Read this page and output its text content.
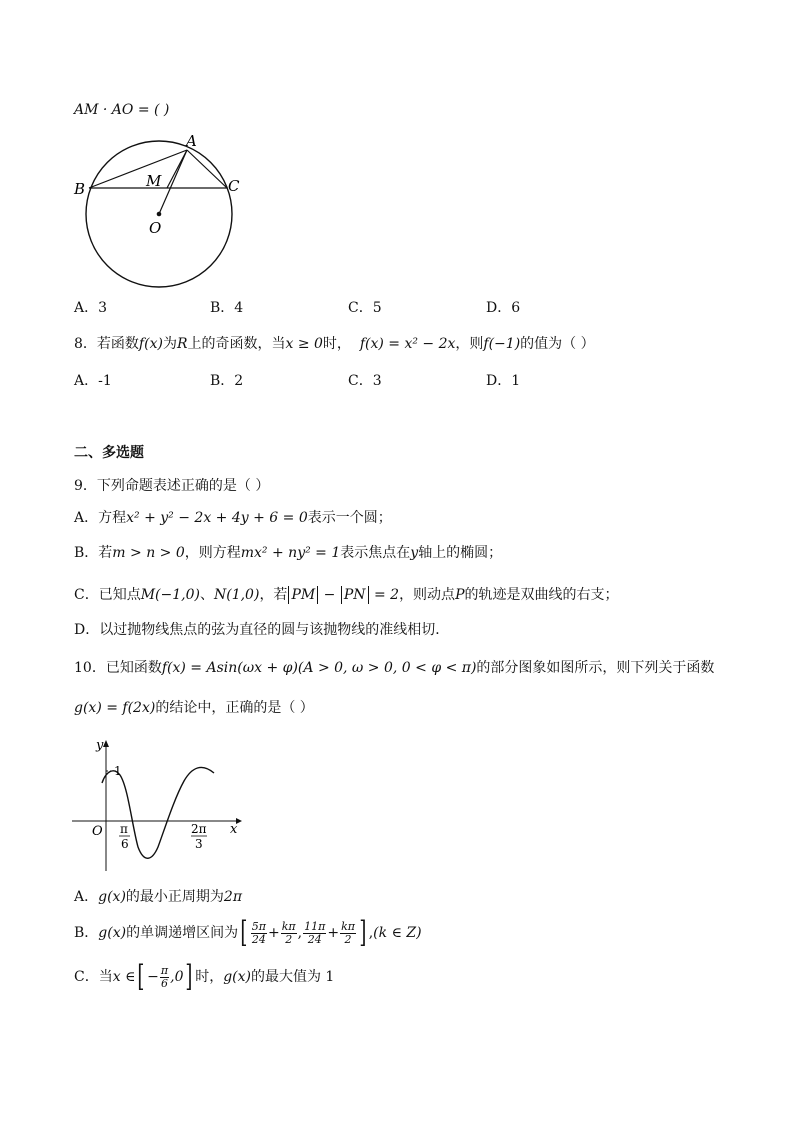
AM · AO = ( )
A
B	C
M
O
A．3	B．4	C．5	D．6
8．若函数f(x)为R上的奇函数，当x ≥ 0时， f(x) = x² − 2x，则f(−1)的值为（ ）
A．-1	B．2	C．3	D．1
二、多选题
9．下列命题表述正确的是（ ）
A．方程x² + y² − 2x + 4y + 6 = 0表示一个圆；
B．若m > n > 0，则方程mx² + ny² = 1表示焦点在y轴上的椭圆；
C．已知点M(−1,0)、N(1,0)，若 PM − PN = 2，则动点P的轨迹是双曲线的右支；
D．以过抛物线焦点的弦为直径的圆与该抛物线的准线相切．
10．已知函数f(x) = Asin(ωx + φ)(A > 0, ω > 0, 0 < φ < π)的部分图象如图所示，则下列关于函数
g(x) = f(2x)的结论中，正确的是（ ）
y
x
O
1
π
6
2π
3
A．g(x)的最小正周期为2π
B．g(x)的单调递增区间为[ $\frac{5\pi}{24} + \frac{k\pi}{2}$ , $\frac{11\pi}{24} + \frac{k\pi}{2}$ ] ,(k ∈ Z)
C．当x ∈[ − $\frac{\pi}{6} ,0$] 时，g(x)的最大值为 1
